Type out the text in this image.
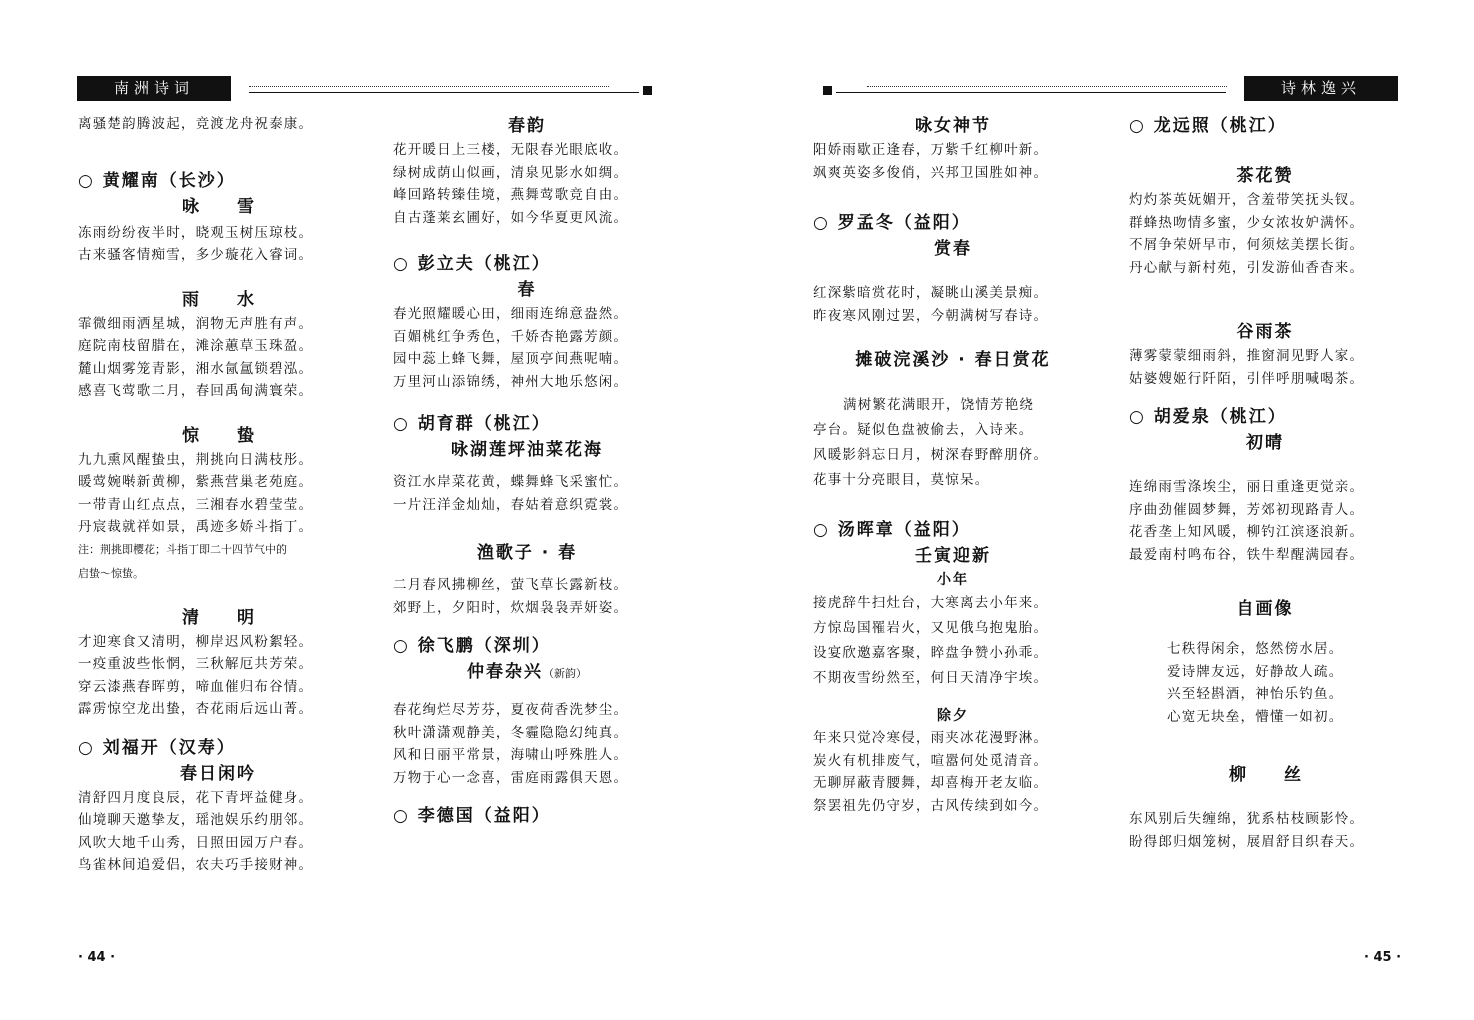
南洲诗词
离骚楚韵腾波起，竞渡龙舟祝泰康。
○ 黄耀南（长沙）
咏 雪
冻雨纷纷夜半时，晓观玉树压琼枝。
古来骚客情痴雪，多少璇花入睿词。
雨 水
霏微细雨洒星城，润物无声胜有声。
庭院南枝留腊在，滩涂蕙草玉珠盈。
麓山烟雾笼青影，湘水氤氲锁碧泓。
感喜飞莺歌二月，春回禹甸满寰荣。
惊 蛰
九九熏风醒蛰虫，荆挑向日满枝彤。
暖莺婉啭新黄柳，紫燕营巢老苑庭。
一带青山红点点，三湘春水碧莹莹。
丹宸裁就祥如景，禹迹多娇斗指丁。
注：荆挑即樱花；斗指丁即二十四节气中的
启蛰～惊蛰。
清 明
才迎寒食又清明，柳岸迟风粉絮轻。
一疫重波些怅惘，三秋解厄共芳荣。
穿云漆燕春晖剪，啼血催归布谷情。
霹雳惊空龙出蛰，杏花雨后远山菁。
○ 刘福开（汉寿）
春日闲吟
清舒四月度良辰，花下青坪益健身。
仙境聊天邀挚友，瑶池娱乐约朋邻。
风吹大地千山秀，日照田园万户春。
鸟雀林间追爱侣，农夫巧手接财神。
春韵
花开暖日上三楼，无限春光眼底收。
绿树成荫山似画，清泉见影水如绸。
峰回路转臻佳境，燕舞莺歌竞自由。
自古蓬莱玄圃好，如今华夏更风流。
○ 彭立夫（桃江）
春
春光照耀暖心田，细雨连绵意盎然。
百媚桃红争秀色，千娇杏艳露芳颜。
园中蕊上蜂飞舞，屋顶亭间燕呢喃。
万里河山添锦绣，神州大地乐悠闲。
○ 胡育群（桃江）
咏湖莲坪油菜花海
资江水岸菜花黄，蝶舞蜂飞采蜜忙。
一片汪洋金灿灿，春姑着意织霓裳。
渔歌子 · 春
二月春风拂柳丝，萤飞草长露新枝。
郊野上，夕阳时，炊烟袅袅弄妍姿。
○ 徐飞鹏（深圳）
仲春杂兴（新韵）
春花绚烂尽芳芬，夏夜荷香洗梦尘。
秋叶潇潇观静美，冬霾隐隐幻纯真。
风和日丽平常景，海啸山呼殊胜人。
万物于心一念喜，雷庭雨露俱天恩。
○ 李德国（益阳）
· 44 ·
诗林逸兴
咏女神节
阳娇雨歇正逢春，万紫千红柳叶新。
飒爽英姿多俊俏，兴邦卫国胜如神。
○ 罗孟冬（益阳）
赏春
红深紫暗赏花时，凝眺山溪美景痴。
昨夜寒风刚过罢，今朝满树写春诗。
摊破浣溪沙 · 春日赏花
满树繁花满眼开，饶情芳艳绕
亭台。疑似色盘被偷去，入诗来。
风暖影斜忘日月，树深春野醉朋侪。
花事十分亮眼目，莫惊呆。
○ 汤晖章（益阳）
壬寅迎新
小年
接虎辞牛扫灶台，大寒离去小年来。
方惊岛国罹岩火，又见俄乌抱鬼胎。
设宴欣邀嘉客聚，睟盘争赞小孙乖。
不期夜雪纷然至，何日天清净宇埃。
除夕
年来只觉冷寒侵，雨夹冰花漫野淋。
炭火有机排废气，喧嚣何处觅清音。
无聊屏蔽青腰舞，却喜梅开老友临。
祭罢祖先仍守岁，古风传续到如今。
○ 龙远照（桃江）
茶花赞
灼灼茶英妩媚开，含羞带笑抚头钗。
群蜂热吻情多蜜，少女浓妆妒满怀。
不屑争荣妍早市，何须炫美摆长街。
丹心献与新村苑，引发游仙香杳来。
谷雨茶
薄雾蒙蒙细雨斜，推窗洞见野人家。
姑婆嫂姬行阡陌，引伴呼朋喊喝茶。
○ 胡爱泉（桃江）
初晴
连绵雨雪涤埃尘，丽日重逢更觉亲。
序曲劲催圆梦舞，芳郊初现路青人。
花香垄上知风暖，柳钓江滨逐浪新。
最爱南村鸣布谷，铁牛犁醒满园春。
自画像
七秩得闲余，悠然傍水居。
爱诗牌友远，好静故人疏。
兴至轻斟酒，神怡乐钓鱼。
心宽无块垒，懵懂一如初。
柳 丝
东风别后失缠绵，犹系枯枝顾影怜。
盼得郎归烟笼树，展眉舒目织春天。
· 45 ·
